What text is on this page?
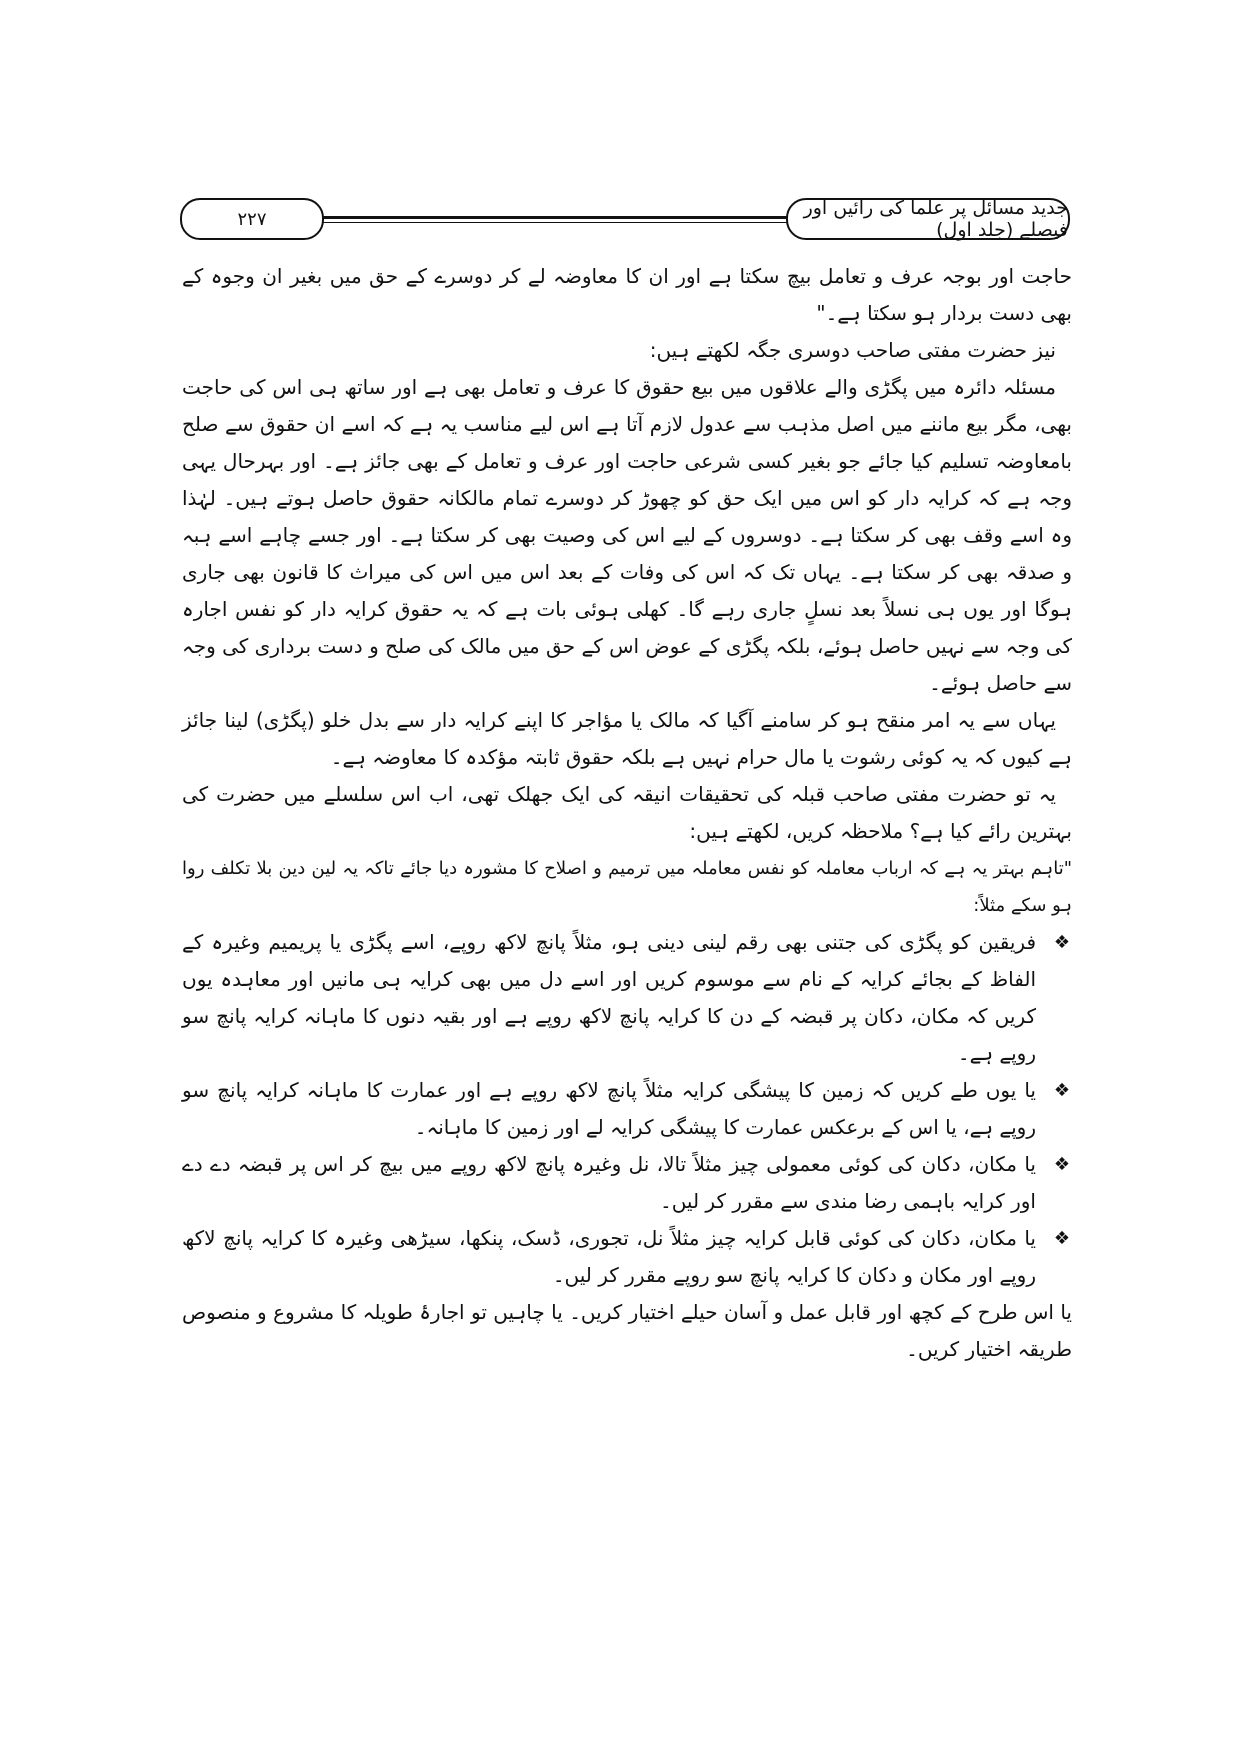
۲۲۷	جدید مسائل پر علما کی رائیں اور فیصلے (جلد اول)

حاجت اور بوجہ عرف و تعامل بیچ سکتا ہے اور ان کا معاوضہ لے کر دوسرے کے حق میں بغیر ان وجوہ کے بھی دست بردار ہو سکتا ہے۔"

نیز حضرت مفتی صاحب دوسری جگہ لکھتے ہیں:

مسئلہ دائرہ میں پگڑی والے علاقوں میں بیع حقوق کا عرف و تعامل بھی ہے اور ساتھ ہی اس کی حاجت بھی، مگر بیع ماننے میں اصل مذہب سے عدول لازم آتا ہے اس لیے مناسب یہ ہے کہ اسے ان حقوق سے صلح بامعاوضہ تسلیم کیا جائے جو بغیر کسی شرعی حاجت اور عرف و تعامل کے بھی جائز ہے۔ اور بہرحال یہی وجہ ہے کہ کرایہ دار کو اس میں ایک حق کو چھوڑ کر دوسرے تمام مالکانہ حقوق حاصل ہوتے ہیں۔ لہٰذا وہ اسے وقف بھی کر سکتا ہے۔ دوسروں کے لیے اس کی وصیت بھی کر سکتا ہے۔ اور جسے چاہے اسے ہبہ و صدقہ بھی کر سکتا ہے۔ یہاں تک کہ اس کی وفات کے بعد اس میں اس کی میراث کا قانون بھی جاری ہوگا اور یوں ہی نسلاً بعد نسلٍ جاری رہے گا۔ کھلی ہوئی بات ہے کہ یہ حقوق کرایہ دار کو نفس اجارہ کی وجہ سے نہیں حاصل ہوئے، بلکہ پگڑی کے عوض اس کے حق میں مالک کی صلح و دست برداری کی وجہ سے حاصل ہوئے۔

یہاں سے یہ امر منقح ہو کر سامنے آگیا کہ مالک یا مؤاجر کا اپنے کرایہ دار سے بدل خلو (پگڑی) لینا جائز ہے کیوں کہ یہ کوئی رشوت یا مال حرام نہیں ہے بلکہ حقوق ثابتہ مؤکدہ کا معاوضہ ہے۔

یہ تو حضرت مفتی صاحب قبلہ کی تحقیقات انیقہ کی ایک جھلک تھی، اب اس سلسلے میں حضرت کی بہترین رائے کیا ہے؟ ملاحظہ کریں، لکھتے ہیں:

"تاہم بہتر یہ ہے کہ ارباب معاملہ کو نفس معاملہ میں ترمیم و اصلاح کا مشورہ دیا جائے تاکہ یہ لین دین بلا تکلف روا ہو سکے مثلاً:

❖
فریقین کو پگڑی کی جتنی بھی رقم لینی دینی ہو، مثلاً پانچ لاکھ روپے، اسے پگڑی یا پریمیم وغیرہ کے الفاظ کے بجائے کرایہ کے نام سے موسوم کریں اور اسے دل میں بھی کرایہ ہی مانیں اور معاہدہ یوں کریں کہ مکان، دکان پر قبضہ کے دن کا کرایہ پانچ لاکھ روپے ہے اور بقیہ دنوں کا ماہانہ کرایہ پانچ سو روپے ہے۔
❖
یا یوں طے کریں کہ زمین کا پیشگی کرایہ مثلاً پانچ لاکھ روپے ہے اور عمارت کا ماہانہ کرایہ پانچ سو روپے ہے، یا اس کے برعکس عمارت کا پیشگی کرایہ لے اور زمین کا ماہانہ۔
❖
یا مکان، دکان کی کوئی معمولی چیز مثلاً تالا، نل وغیرہ پانچ لاکھ روپے میں بیچ کر اس پر قبضہ دے دے اور کرایہ باہمی رضا مندی سے مقرر کر لیں۔
❖
یا مکان، دکان کی کوئی قابل کرایہ چیز مثلاً نل، تجوری، ڈسک، پنکھا، سیڑھی وغیرہ کا کرایہ پانچ لاکھ روپے اور مکان و دکان کا کرایہ پانچ سو روپے مقرر کر لیں۔

یا اس طرح کے کچھ اور قابل عمل و آسان حیلے اختیار کریں۔ یا چاہیں تو اجارۂ طویلہ کا مشروع و منصوص طریقہ اختیار کریں۔
